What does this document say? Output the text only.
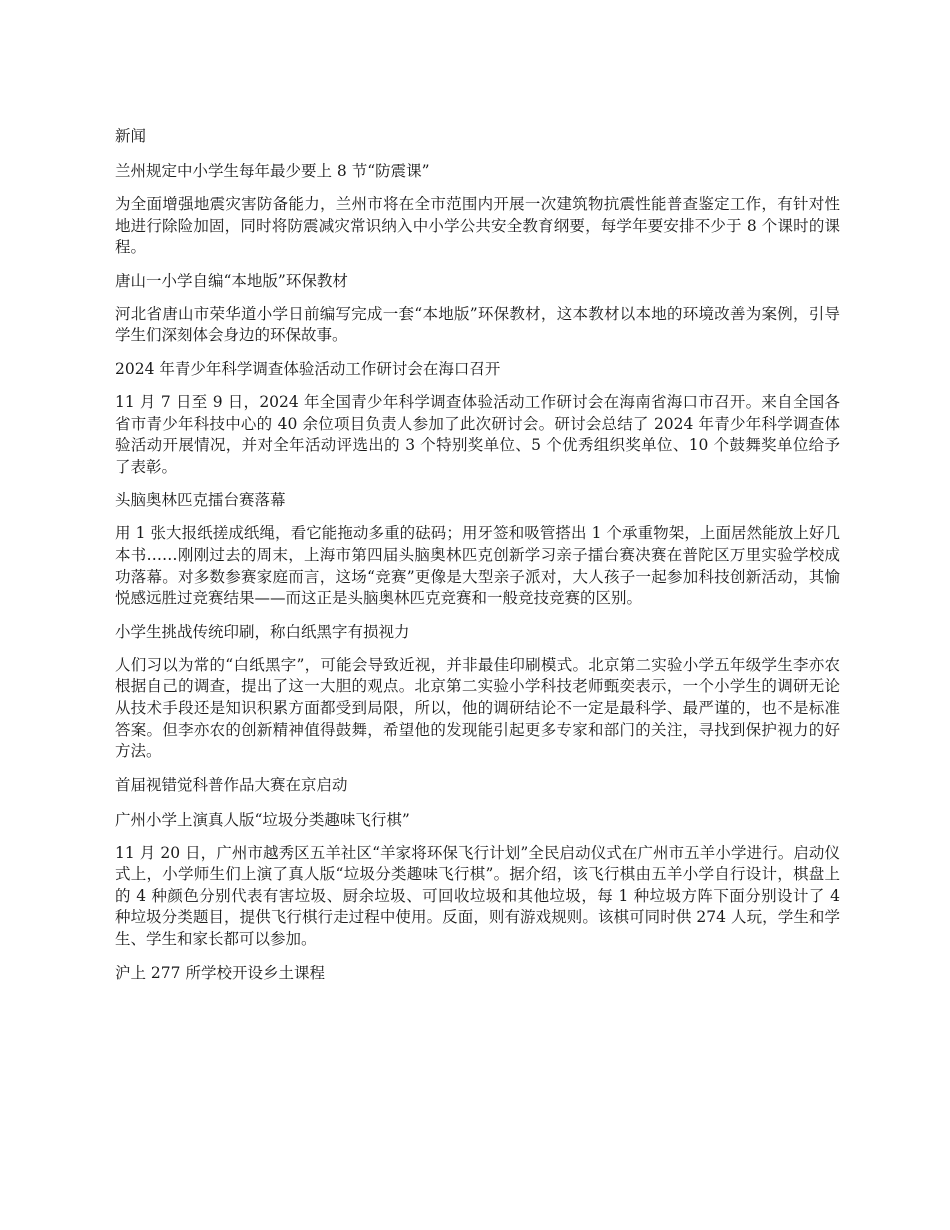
新闻
兰州规定中小学生每年最少要上 8 节“防震课”
为全面增强地震灾害防备能力，兰州市将在全市范围内开展一次建筑物抗震性能普查鉴定工作，有针对性地进行除险加固，同时将防震减灾常识纳入中小学公共安全教育纲要，每学年要安排不少于 8 个课时的课程。
唐山一小学自编“本地版”环保教材
河北省唐山市荣华道小学日前编写完成一套“本地版”环保教材，这本教材以本地的环境改善为案例，引导学生们深刻体会身边的环保故事。
2024 年青少年科学调查体验活动工作研讨会在海口召开
11 月 7 日至 9 日，2024 年全国青少年科学调查体验活动工作研讨会在海南省海口市召开。来自全国各省市青少年科技中心的 40 余位项目负责人参加了此次研讨会。研讨会总结了 2024 年青少年科学调查体验活动开展情况，并对全年活动评选出的 3 个特别奖单位、5 个优秀组织奖单位、10 个鼓舞奖单位给予了表彰。
头脑奥林匹克擂台赛落幕
用 1 张大报纸搓成纸绳，看它能拖动多重的砝码；用牙签和吸管搭出 1 个承重物架，上面居然能放上好几本书……刚刚过去的周末，上海市第四届头脑奥林匹克创新学习亲子擂台赛决赛在普陀区万里实验学校成功落幕。对多数参赛家庭而言，这场“竞赛”更像是大型亲子派对，大人孩子一起参加科技创新活动，其愉悦感远胜过竞赛结果——而这正是头脑奥林匹克竞赛和一般竞技竞赛的区别。
小学生挑战传统印刷，称白纸黑字有损视力
人们习以为常的“白纸黑字”，可能会导致近视，并非最佳印刷模式。北京第二实验小学五年级学生李亦农根据自己的调查，提出了这一大胆的观点。北京第二实验小学科技老师甄奕表示，一个小学生的调研无论从技术手段还是知识积累方面都受到局限，所以，他的调研结论不一定是最科学、最严谨的，也不是标准答案。但李亦农的创新精神值得鼓舞，希望他的发现能引起更多专家和部门的关注，寻找到保护视力的好方法。
首届视错觉科普作品大赛在京启动
广州小学上演真人版“垃圾分类趣味飞行棋”
11 月 20 日，广州市越秀区五羊社区“羊家将环保飞行计划”全民启动仪式在广州市五羊小学进行。启动仪式上，小学师生们上演了真人版“垃圾分类趣味飞行棋”。据介绍，该飞行棋由五羊小学自行设计，棋盘上的 4 种颜色分别代表有害垃圾、厨余垃圾、可回收垃圾和其他垃圾，每 1 种垃圾方阵下面分别设计了 4 种垃圾分类题目，提供飞行棋行走过程中使用。反面，则有游戏规则。该棋可同时供 274 人玩，学生和学生、学生和家长都可以参加。
沪上 277 所学校开设乡土课程
